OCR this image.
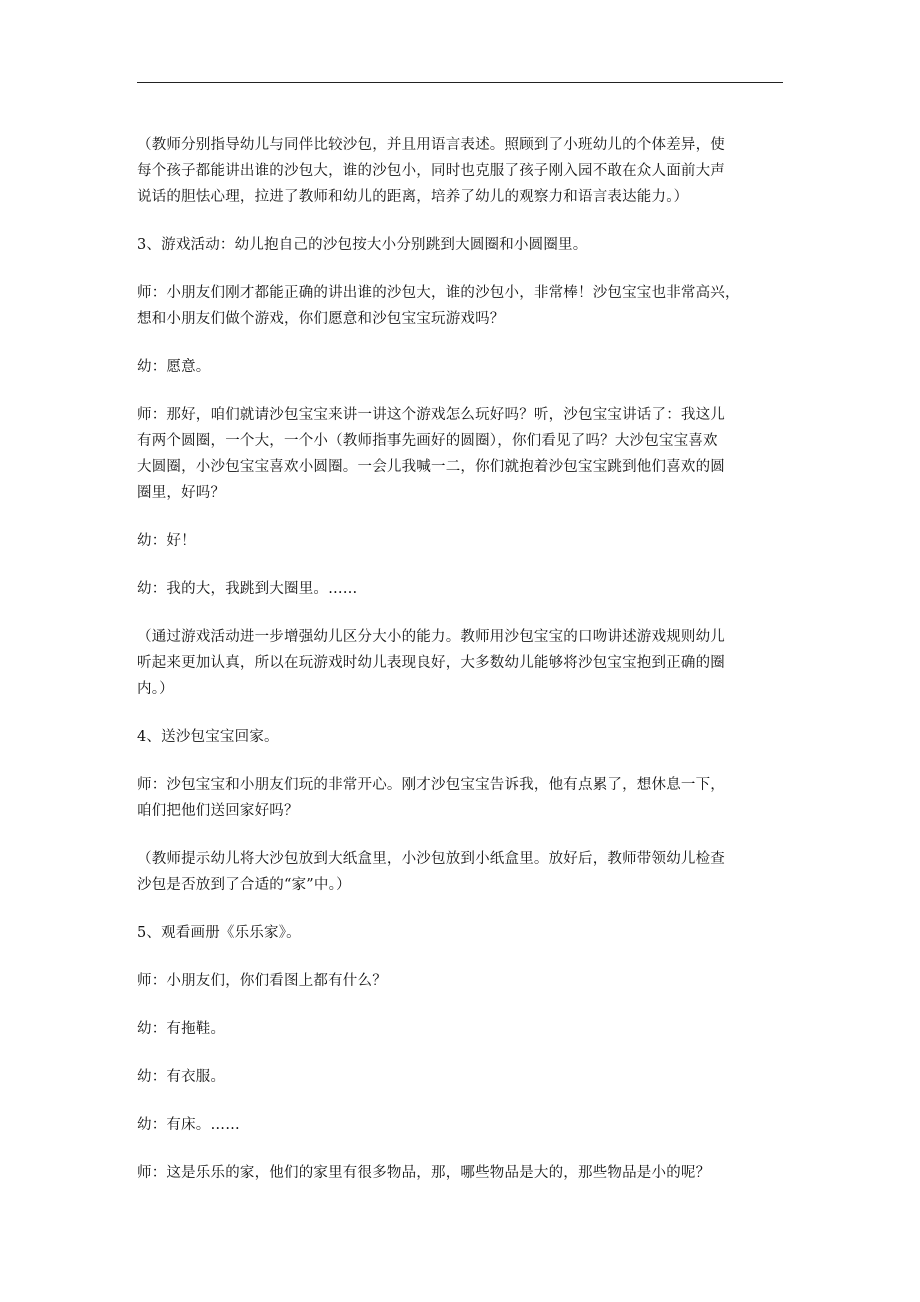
（教师分别指导幼儿与同伴比较沙包，并且用语言表述。照顾到了小班幼儿的个体差异，使
每个孩子都能讲出谁的沙包大，谁的沙包小，同时也克服了孩子刚入园不敢在众人面前大声
说话的胆怯心理，拉进了教师和幼儿的距离，培养了幼儿的观察力和语言表达能力。）
3、游戏活动：幼儿抱自己的沙包按大小分别跳到大圆圈和小圆圈里。
师：小朋友们刚才都能正确的讲出谁的沙包大，谁的沙包小，非常棒！沙包宝宝也非常高兴，
想和小朋友们做个游戏，你们愿意和沙包宝宝玩游戏吗？
幼：愿意。
师：那好，咱们就请沙包宝宝来讲一讲这个游戏怎么玩好吗？听，沙包宝宝讲话了：我这儿
有两个圆圈，一个大，一个小（教师指事先画好的圆圈），你们看见了吗？大沙包宝宝喜欢
大圆圈，小沙包宝宝喜欢小圆圈。一会儿我喊一二，你们就抱着沙包宝宝跳到他们喜欢的圆
圈里，好吗？
幼：好！
幼：我的大，我跳到大圈里。……
（通过游戏活动进一步增强幼儿区分大小的能力。教师用沙包宝宝的口吻讲述游戏规则幼儿
听起来更加认真，所以在玩游戏时幼儿表现良好，大多数幼儿能够将沙包宝宝抱到正确的圈
内。）
4、送沙包宝宝回家。
师：沙包宝宝和小朋友们玩的非常开心。刚才沙包宝宝告诉我，他有点累了，想休息一下，
咱们把他们送回家好吗？
（教师提示幼儿将大沙包放到大纸盒里，小沙包放到小纸盒里。放好后，教师带领幼儿检查
沙包是否放到了合适的“家”中。）
5、观看画册《乐乐家》。
师：小朋友们，你们看图上都有什么？
幼：有拖鞋。
幼：有衣服。
幼：有床。……
师：这是乐乐的家，他们的家里有很多物品，那，哪些物品是大的，那些物品是小的呢？
